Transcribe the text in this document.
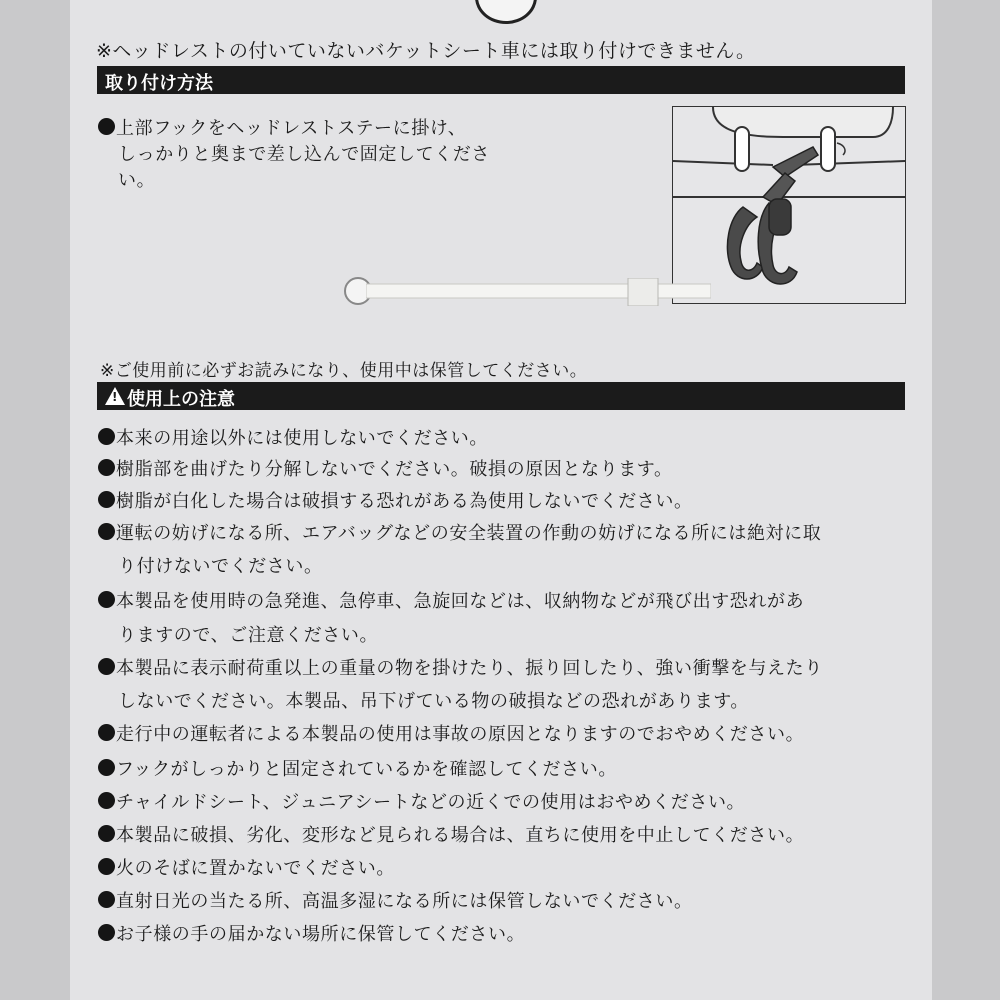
※ヘッドレストの付いていないバケットシート車には取り付けできません。
取り付け方法
上部フックをヘッドレストステーに掛け、
しっかりと奥まで差し込んで固定してくださ
い。
※ご使用前に必ずお読みになり、使用中は保管してください。
使用上の注意
!
本来の用途以外には使用しないでください。
樹脂部を曲げたり分解しないでください。破損の原因となります。
樹脂が白化した場合は破損する恐れがある為使用しないでください。
運転の妨げになる所、エアバッグなどの安全装置の作動の妨げになる所には絶対に取
り付けないでください。
本製品を使用時の急発進、急停車、急旋回などは、収納物などが飛び出す恐れがあ
りますので、ご注意ください。
本製品に表示耐荷重以上の重量の物を掛けたり、振り回したり、強い衝撃を与えたり
しないでください。本製品、吊下げている物の破損などの恐れがあります。
走行中の運転者による本製品の使用は事故の原因となりますのでおやめください。
フックがしっかりと固定されているかを確認してください。
チャイルドシート、ジュニアシートなどの近くでの使用はおやめください。
本製品に破損、劣化、変形など見られる場合は、直ちに使用を中止してください。
火のそばに置かないでください。
直射日光の当たる所、高温多湿になる所には保管しないでください。
お子様の手の届かない場所に保管してください。
